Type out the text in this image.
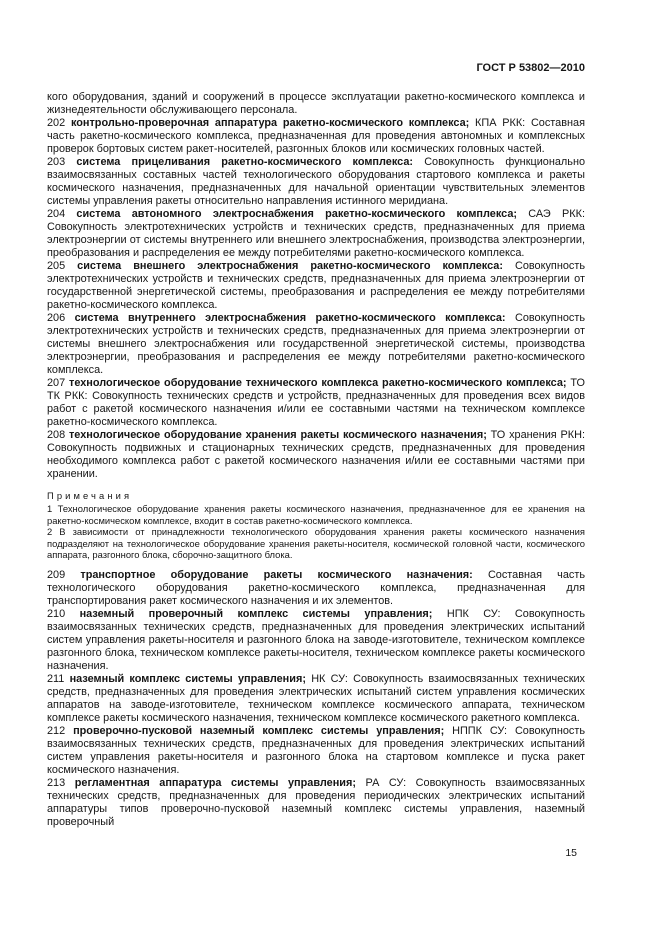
ГОСТ Р 53802—2010

кого оборудования, зданий и сооружений в процессе эксплуатации ракетно-космического комплекса и жизнедеятельности обслуживающего персонала.

202 контрольно-проверочная аппаратура ракетно-космического комплекса; КПА РКК: Составная часть ракетно-космического комплекса, предназначенная для проведения автономных и комплексных проверок бортовых систем ракет-носителей, разгонных блоков или космических головных частей.

203 система прицеливания ракетно-космического комплекса: Совокупность функционально взаимосвязанных составных частей технологического оборудования стартового комплекса и ракеты космического назначения, предназначенных для начальной ориентации чувствительных элементов системы управления ракеты относительно направления истинного меридиана.

204 система автономного электроснабжения ракетно-космического комплекса; САЭ РКК: Совокупность электротехнических устройств и технических средств, предназначенных для приема электроэнергии от системы внутреннего или внешнего электроснабжения, производства электроэнергии, преобразования и распределения ее между потребителями ракетно-космического комплекса.

205 система внешнего электроснабжения ракетно-космического комплекса: Совокупность электротехнических устройств и технических средств, предназначенных для приема электроэнергии от государственной энергетической системы, преобразования и распределения ее между потребителями ракетно-космического комплекса.

206 система внутреннего электроснабжения ракетно-космического комплекса: Совокупность электротехнических устройств и технических средств, предназначенных для приема электроэнергии от системы внешнего электроснабжения или государственной энергетической системы, производства электроэнергии, преобразования и распределения ее между потребителями ракетно-космического комплекса.

207 технологическое оборудование технического комплекса ракетно-космического комплекса; ТО ТК РКК: Совокупность технических средств и устройств, предназначенных для проведения всех видов работ с ракетой космического назначения и/или ее составными частями на техническом комплексе ракетно-космического комплекса.

208 технологическое оборудование хранения ракеты космического назначения; ТО хранения РКН: Совокупность подвижных и стационарных технических средств, предназначенных для проведения необходимого комплекса работ с ракетой космического назначения и/или ее составными частями при хранении.

Примечания

1 Технологическое оборудование хранения ракеты космического назначения, предназначенное для ее хранения на ракетно-космическом комплексе, входит в состав ракетно-космического комплекса.

2 В зависимости от принадлежности технологического оборудования хранения ракеты космического назначения подразделяют на технологическое оборудование хранения ракеты-носителя, космической головной части, космического аппарата, разгонного блока, сборочно-защитного блока.

209 транспортное оборудование ракеты космического назначения: Составная часть технологического оборудования ракетно-космического комплекса, предназначенная для транспортирования ракет космического назначения и их элементов.

210 наземный проверочный комплекс системы управления; НПК СУ: Совокупность взаимосвязанных технических средств, предназначенных для проведения электрических испытаний систем управления ракеты-носителя и разгонного блока на заводе-изготовителе, техническом комплексе разгонного блока, техническом комплексе ракеты-носителя, техническом комплексе ракеты космического назначения.

211 наземный комплекс системы управления; НК СУ: Совокупность взаимосвязанных технических средств, предназначенных для проведения электрических испытаний систем управления космических аппаратов на заводе-изготовителе, техническом комплексе космического аппарата, техническом комплексе ракеты космического назначения, техническом комплексе космического ракетного комплекса.

212 проверочно-пусковой наземный комплекс системы управления; НППК СУ: Совокупность взаимосвязанных технических средств, предназначенных для проведения электрических испытаний систем управления ракеты-носителя и разгонного блока на стартовом комплексе и пуска ракет космического назначения.

213 регламентная аппаратура системы управления; РА СУ: Совокупность взаимосвязанных технических средств, предназначенных для проведения периодических электрических испытаний аппаратуры типов проверочно-пусковой наземный комплекс системы управления, наземный проверочный

15
